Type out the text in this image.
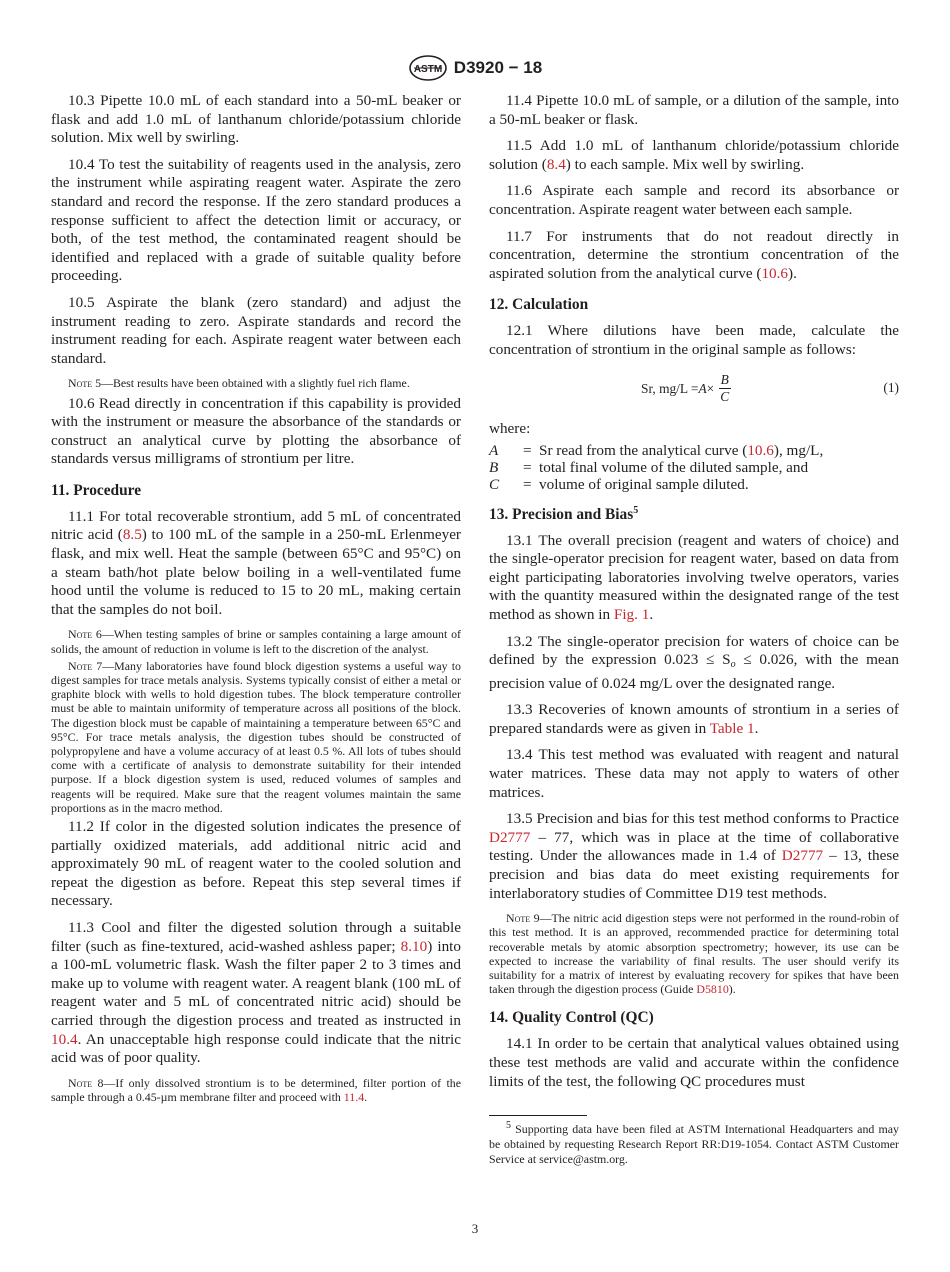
ASTM D3920 − 18

10.3 Pipette 10.0 mL of each standard into a 50-mL beaker or flask and add 1.0 mL of lanthanum chloride/potassium chloride solution. Mix well by swirling.

10.4 To test the suitability of reagents used in the analysis, zero the instrument while aspirating reagent water. Aspirate the zero standard and record the response. If the zero standard produces a response sufficient to affect the detection limit or accuracy, or both, of the test method, the contaminated reagent should be identified and replaced with a grade of suitable quality before proceeding.

10.5 Aspirate the blank (zero standard) and adjust the instrument reading to zero. Aspirate standards and record the instrument reading for each. Aspirate reagent water between each standard.

Note 5—Best results have been obtained with a slightly fuel rich flame.

10.6 Read directly in concentration if this capability is provided with the instrument or measure the absorbance of the standards or construct an analytical curve by plotting the absorbance of standards versus milligrams of strontium per litre.

11. Procedure

11.1 For total recoverable strontium, add 5 mL of concentrated nitric acid (8.5) to 100 mL of the sample in a 250-mL Erlenmeyer flask, and mix well. Heat the sample (between 65°C and 95°C) on a steam bath/hot plate below boiling in a well-ventilated fume hood until the volume is reduced to 15 to 20 mL, making certain that the samples do not boil.

Note 6—When testing samples of brine or samples containing a large amount of solids, the amount of reduction in volume is left to the discretion of the analyst.

Note 7—Many laboratories have found block digestion systems a useful way to digest samples for trace metals analysis. Systems typically consist of either a metal or graphite block with wells to hold digestion tubes. The block temperature controller must be able to maintain uniformity of temperature across all positions of the block. The digestion block must be capable of maintaining a temperature between 65°C and 95°C. For trace metals analysis, the digestion tubes should be constructed of polypropylene and have a volume accuracy of at least 0.5 %. All lots of tubes should come with a certificate of analysis to demonstrate suitability for their intended purpose. If a block digestion system is used, reduced volumes of samples and reagents will be required. Make sure that the reagent volumes maintain the same proportions as in the macro method.

11.2 If color in the digested solution indicates the presence of partially oxidized materials, add additional nitric acid and approximately 90 mL of reagent water to the cooled solution and repeat the digestion as before. Repeat this step several times if necessary.

11.3 Cool and filter the digested solution through a suitable filter (such as fine-textured, acid-washed ashless paper; 8.10) into a 100-mL volumetric flask. Wash the filter paper 2 to 3 times and make up to volume with reagent water. A reagent blank (100 mL of reagent water and 5 mL of concentrated nitric acid) should be carried through the digestion process and treated as instructed in 10.4. An unacceptable high response could indicate that the nitric acid was of poor quality.

Note 8—If only dissolved strontium is to be determined, filter portion of the sample through a 0.45-µm membrane filter and proceed with 11.4.

11.4 Pipette 10.0 mL of sample, or a dilution of the sample, into a 50-mL beaker or flask.

11.5 Add 1.0 mL of lanthanum chloride/potassium chloride solution (8.4) to each sample. Mix well by swirling.

11.6 Aspirate each sample and record its absorbance or concentration. Aspirate reagent water between each sample.

11.7 For instruments that do not readout directly in concentration, determine the strontium concentration of the aspirated solution from the analytical curve (10.6).

12. Calculation

12.1 Where dilutions have been made, calculate the concentration of strontium in the original sample as follows:

Sr, $mg/L = A \times \frac{B}{C}$	(1)
where:
A	= Sr read from the analytical curve (10.6), mg/L,
B	= total final volume of the diluted sample, and
C	= volume of original sample diluted.
13. Precision and Bias$^5$

13.1 The overall precision (reagent and waters of choice) and the single-operator precision for reagent water, based on data from eight participating laboratories involving twelve operators, varies with the quantity measured within the designated range of the test method as shown in Fig. 1.

13.2 The single-operator precision for waters of choice can be defined by the expression $0.023 \le S_o \le 0.026$, with the mean precision value of 0.024 mg/L over the designated range.

13.3 Recoveries of known amounts of strontium in a series of prepared standards were as given in Table 1.

13.4 This test method was evaluated with reagent and natural water matrices. These data may not apply to waters of other matrices.

13.5 Precision and bias for this test method conforms to Practice D2777 – 77, which was in place at the time of collaborative testing. Under the allowances made in 1.4 of D2777 – 13, these precision and bias data do meet existing requirements for interlaboratory studies of Committee D19 test methods.

Note 9—The nitric acid digestion steps were not performed in the round-robin of this test method. It is an approved, recommended practice for determining total recoverable metals by atomic absorption spectrometry; however, its use can be expected to increase the variability of final results. The user should verify its suitability for a matrix of interest by evaluating recovery for spikes that have been taken through the digestion process (Guide D5810).

14. Quality Control (QC)

14.1 In order to be certain that analytical values obtained using these test methods are valid and accurate within the confidence limits of the test, the following QC procedures must

$^5$ Supporting data have been filed at ASTM International Headquarters and may be obtained by requesting Research Report RR:D19-1054. Contact ASTM Customer Service at service@astm.org.

3
